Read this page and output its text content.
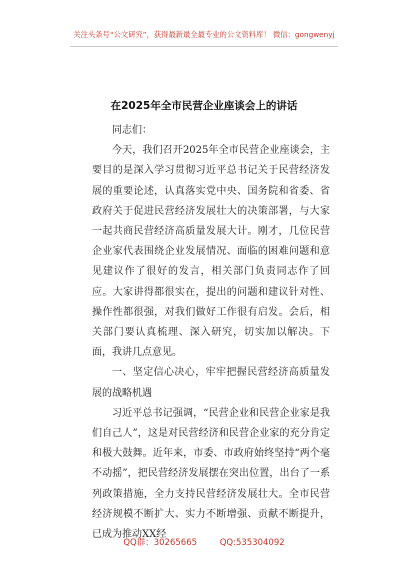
关注头条号“公文研究”，获得最新最全最专业的公文资料库！ 微信：gongwenyj
在2025年全市民营企业座谈会上的讲话

同志们：

今天，我们召开2025年全市民营企业座谈会，主要目的是深入学习贯彻习近平总书记关于民营经济发展的重要论述，认真落实党中央、国务院和省委、省政府关于促进民营经济发展壮大的决策部署，与大家一起共商民营经济高质量发展大计。刚才，几位民营企业家代表围绕企业发展情况、面临的困难问题和意见建议作了很好的发言，相关部门负责同志作了回应。大家讲得都很实在，提出的问题和建议针对性、操作性都很强，对我们做好工作很有启发。会后，相关部门要认真梳理、深入研究，切实加以解决。下面，我讲几点意见。

一、坚定信心决心，牢牢把握民营经济高质量发展的战略机遇

习近平总书记强调，“民营企业和民营企业家是我们自己人”，这是对民营经济和民营企业家的充分肯定和极大鼓舞。近年来，市委、市政府始终坚持“两个毫不动摇”，把民营经济发展摆在突出位置，出台了一系列政策措施，全力支持民营经济发展壮大。全市民营经济规模不断扩大、实力不断增强、贡献不断提升，已成为推动XX经

QQ群：30265665	QQ:535304092
